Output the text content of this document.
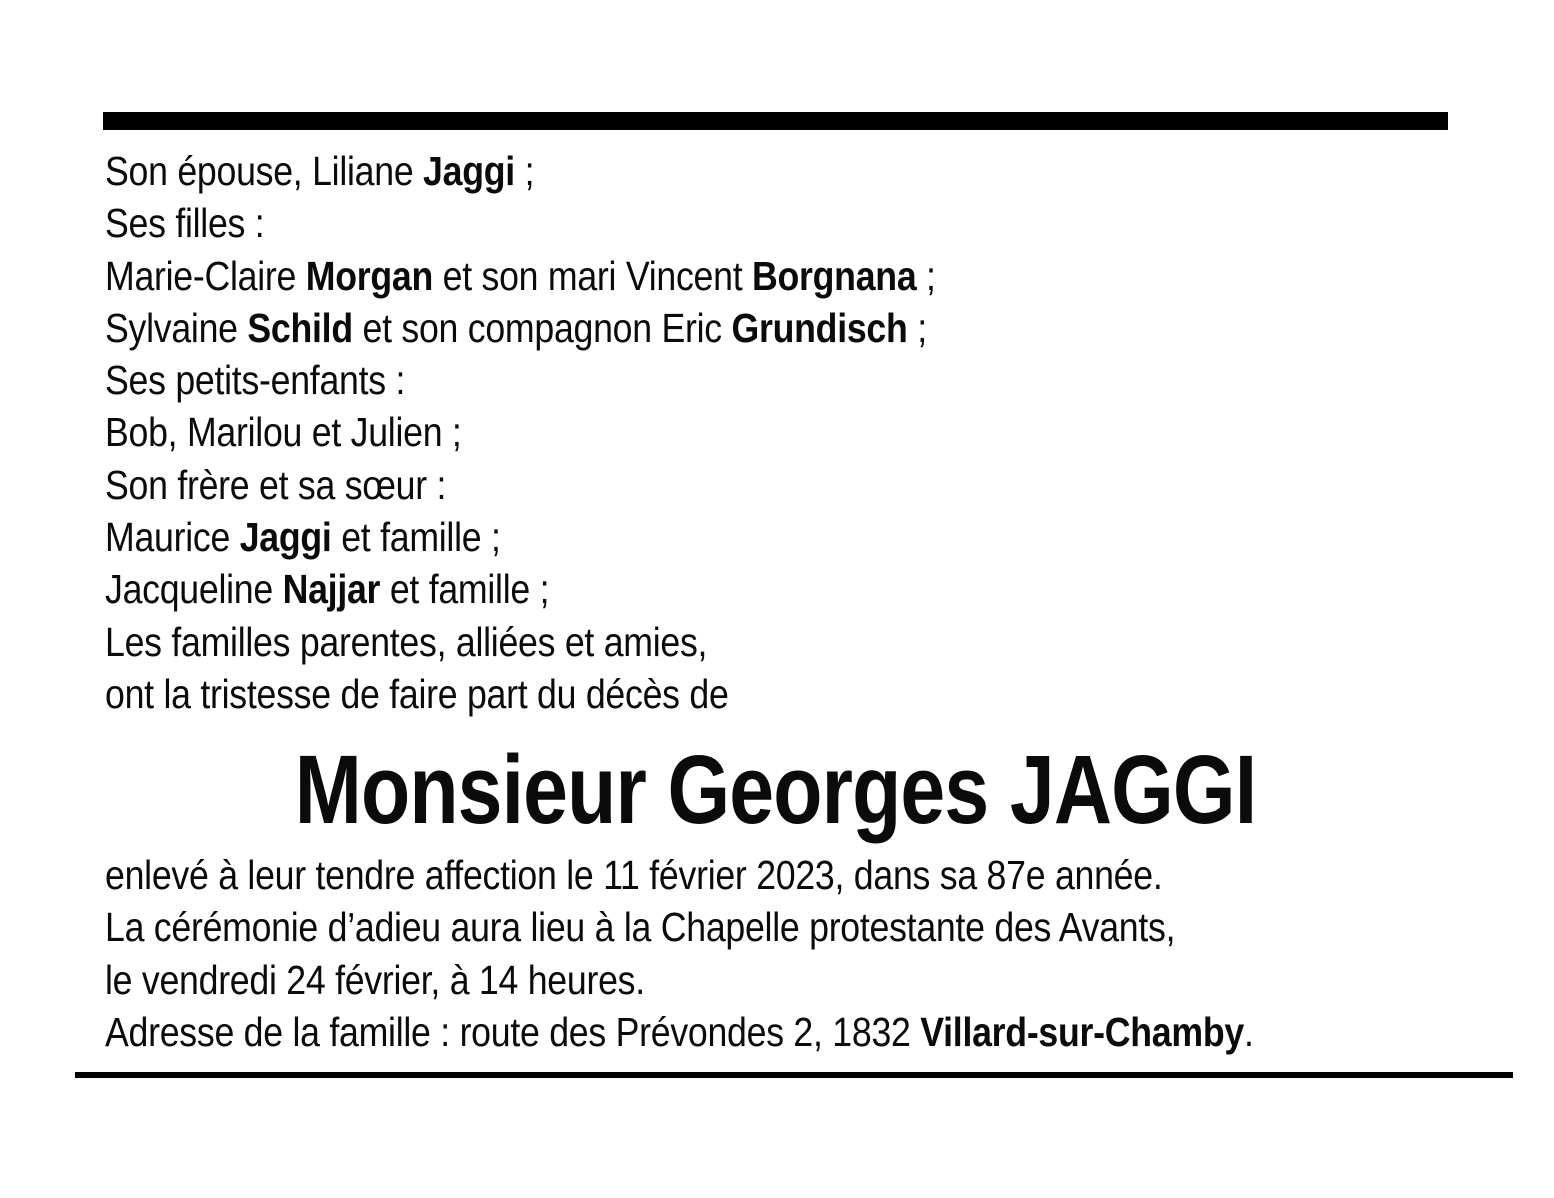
Son épouse, Liliane Jaggi ;
Ses filles :
Marie-Claire Morgan et son mari Vincent Borgnana ;
Sylvaine Schild et son compagnon Eric Grundisch ;
Ses petits-enfants :
Bob, Marilou et Julien ;
Son frère et sa sœur :
Maurice Jaggi et famille ;
Jacqueline Najjar et famille ;
Les familles parentes, alliées et amies,
ont la tristesse de faire part du décès de
Monsieur Georges JAGGI
enlevé à leur tendre affection le 11 février 2023, dans sa 87e année.
La cérémonie d’adieu aura lieu à la Chapelle protestante des Avants,
le vendredi 24 février, à 14 heures.
Adresse de la famille : route des Prévondes 2, 1832 Villard-sur-Chamby.
